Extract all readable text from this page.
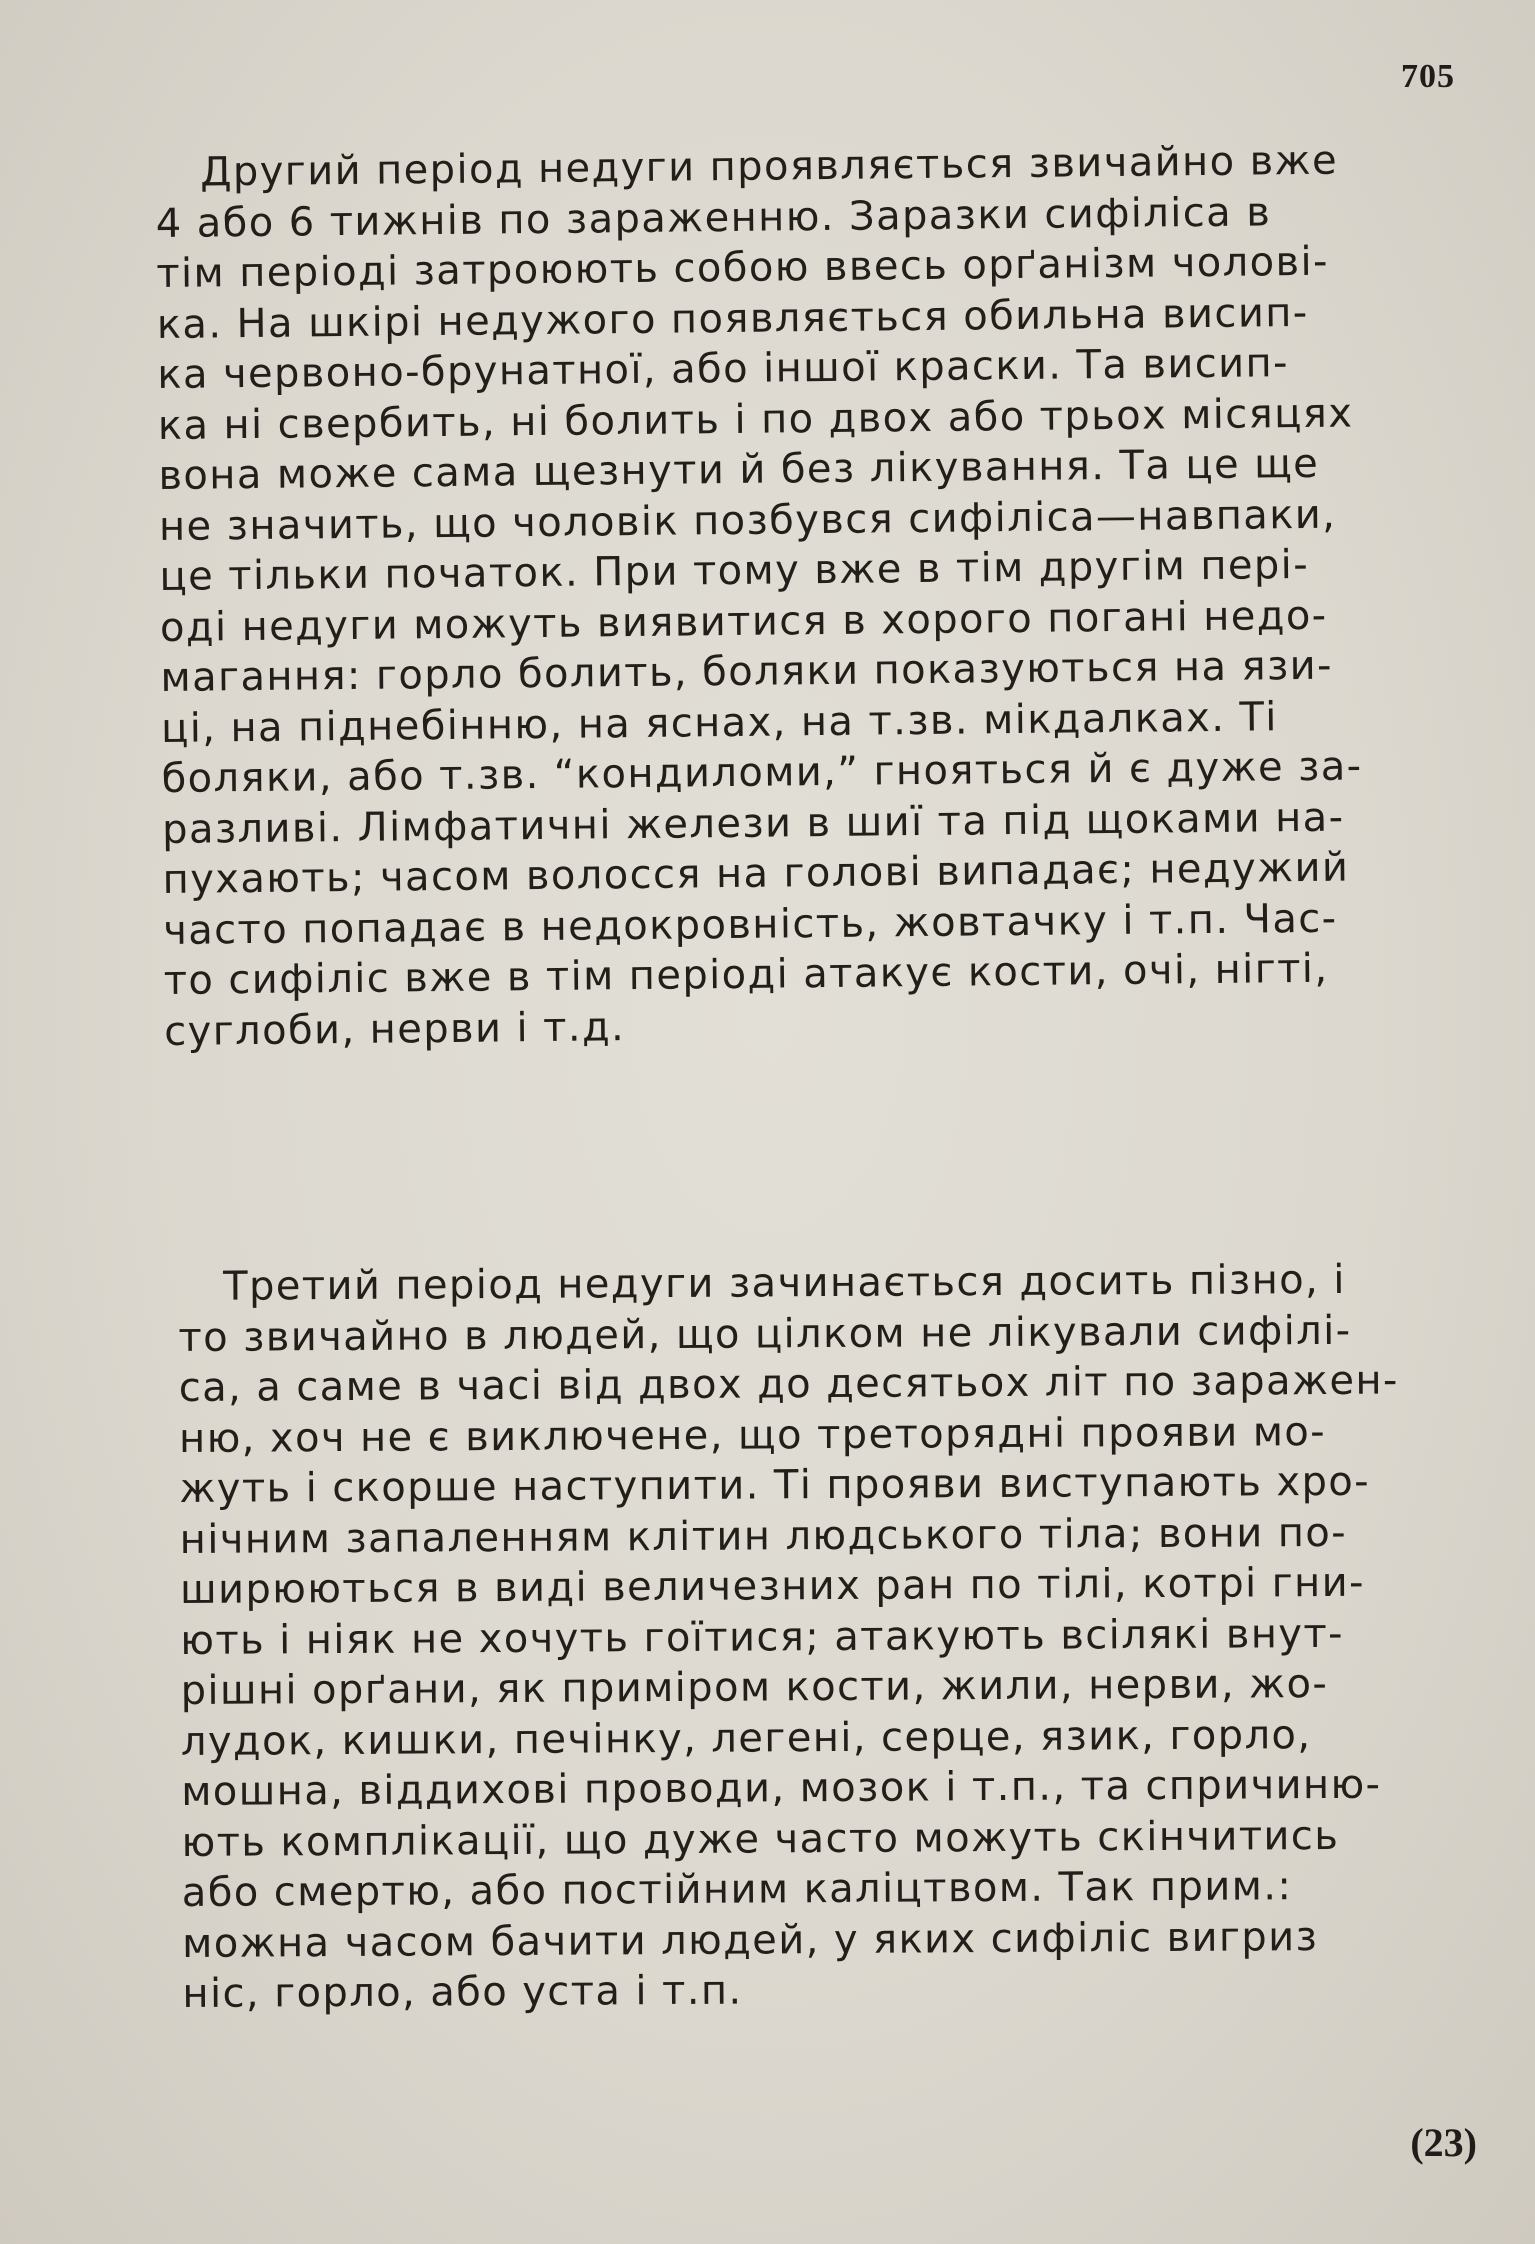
705
Другий період недуги проявляється звичайно вже
4 або 6 тижнів по зараженню. Заразки сифіліса в
тім періоді затроюють собою ввесь орґанізм чолові-
ка. На шкірі недужого появляється обильна висип-
ка червоно-брунатної, або іншої краски. Та висип-
ка ні свербить, ні болить і по двох або трьох місяцях
вона може сама щезнути й без лікування. Та це ще
не значить, що чоловік позбувся сифіліса—навпаки,
це тільки початок. При тому вже в тім другім пері-
оді недуги можуть виявитися в хорого погані недо-
магання: горло болить, боляки показуються на язи-
ці, на піднебінню, на яснах, на т.зв. мікдалках. Ті
боляки, або т.зв. “кондиломи,” гнояться й є дуже за-
разливі. Лімфатичні желези в шиї та під щоками на-
пухають; часом волосся на голові випадає; недужий
часто попадає в недокровність, жовтачку і т.п. Час-
то сифіліс вже в тім періоді атакує кости, очі, нігті,
суглоби, нерви і т.д.
Третий період недуги зачинається досить пізно, і
то звичайно в людей, що цілком не лікували сифілі-
са, а саме в часі від двох до десятьох літ по заражен-
ню, хоч не є виключене, що треторядні прояви мо-
жуть і скорше наступити. Ті прояви виступають хро-
нічним запаленням клітин людського тіла; вони по-
ширюються в виді величезних ран по тілі, котрі гни-
ють і ніяк не хочуть гоїтися; атакують всілякі внут-
рішні орґани, як приміром кости, жили, нерви, жо-
лудок, кишки, печінку, легені, серце, язик, горло,
мошна, віддихові проводи, мозок і т.п., та спричиню-
ють комплікації, що дуже часто можуть скінчитись
або смертю, або постійним каліцтвом. Так прим.:
можна часом бачити людей, у яких сифіліс вигриз
ніс, горло, або уста і т.п.
(23)
